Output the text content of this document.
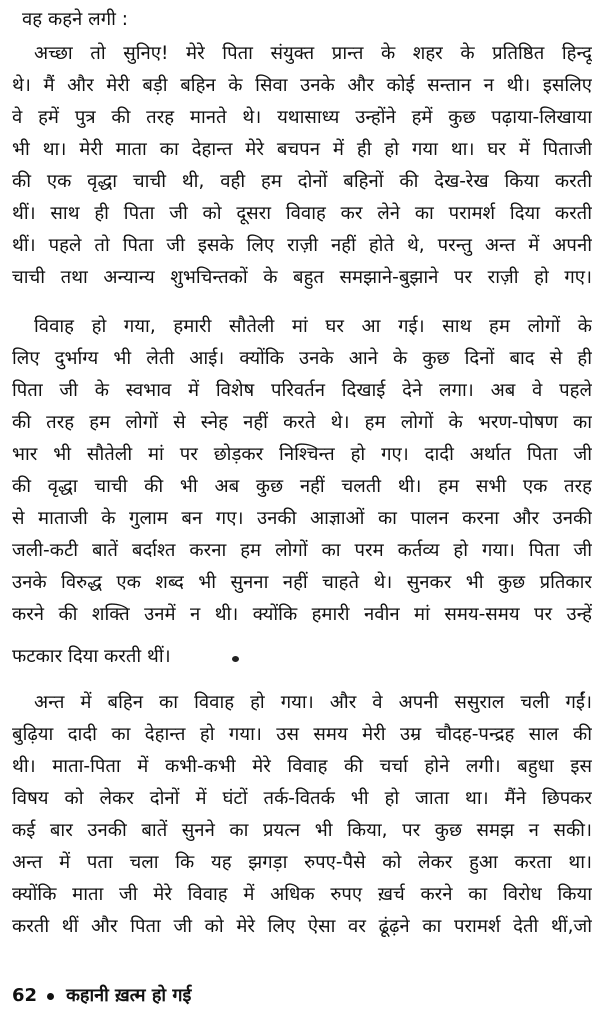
वह कहने लगी :
अच्छा तो सुनिए! मेरे पिता संयुक्त प्रान्त के शहर के प्रतिष्ठित हिन्दू
थे। मैं और मेरी बड़ी बहिन के सिवा उनके और कोई सन्तान न थी। इसलिए
वे हमें पुत्र की तरह मानते थे। यथासाध्य उन्होंने हमें कुछ पढ़ाया-लिखाया
भी था। मेरी माता का देहान्त मेरे बचपन में ही हो गया था। घर में पिताजी
की एक वृद्धा चाची थी, वही हम दोनों बहिनों की देख-रेख किया करती
थीं। साथ ही पिता जी को दूसरा विवाह कर लेने का परामर्श दिया करती
थीं। पहले तो पिता जी इसके लिए राज़ी नहीं होते थे, परन्तु अन्त में अपनी
चाची तथा अन्यान्य शुभचिन्तकों के बहुत समझाने-बुझाने पर राज़ी हो गए।
विवाह हो गया, हमारी सौतेली मां घर आ गई। साथ हम लोगों के
लिए दुर्भाग्य भी लेती आई। क्योंकि उनके आने के कुछ दिनों बाद से ही
पिता जी के स्वभाव में विशेष परिवर्तन दिखाई देने लगा। अब वे पहले
की तरह हम लोगों से स्नेह नहीं करते थे। हम लोगों के भरण-पोषण का
भार भी सौतेली मां पर छोड़कर निश्चिन्त हो गए। दादी अर्थात पिता जी
की वृद्धा चाची की भी अब कुछ नहीं चलती थी। हम सभी एक तरह
से माताजी के गुलाम बन गए। उनकी आज्ञाओं का पालन करना और उनकी
जली-कटी बातें बर्दाश्त करना हम लोगों का परम कर्तव्य हो गया। पिता जी
उनके विरुद्ध एक शब्द भी सुनना नहीं चाहते थे। सुनकर भी कुछ प्रतिकार
करने की शक्ति उनमें न थी। क्योंकि हमारी नवीन मां समय-समय पर उन्हें
फटकार दिया करती थीं।
अन्त में बहिन का विवाह हो गया। और वे अपनी ससुराल चली गईं।
बुढ़िया दादी का देहान्त हो गया। उस समय मेरी उम्र चौदह-पन्द्रह साल की
थी। माता-पिता में कभी-कभी मेरे विवाह की चर्चा होने लगी। बहुधा इस
विषय को लेकर दोनों में घंटों तर्क-वितर्क भी हो जाता था। मैंने छिपकर
कई बार उनकी बातें सुनने का प्रयत्न भी किया, पर कुछ समझ न सकी।
अन्त में पता चला कि यह झगड़ा रुपए-पैसे को लेकर हुआ करता था।
क्योंकि माता जी मेरे विवाह में अधिक रुपए ख़र्च करने का विरोध किया
करती थीं और पिता जी को मेरे लिए ऐसा वर ढूंढ़ने का परामर्श देती थीं,जो
62 कहानी ख़त्म हो गई
